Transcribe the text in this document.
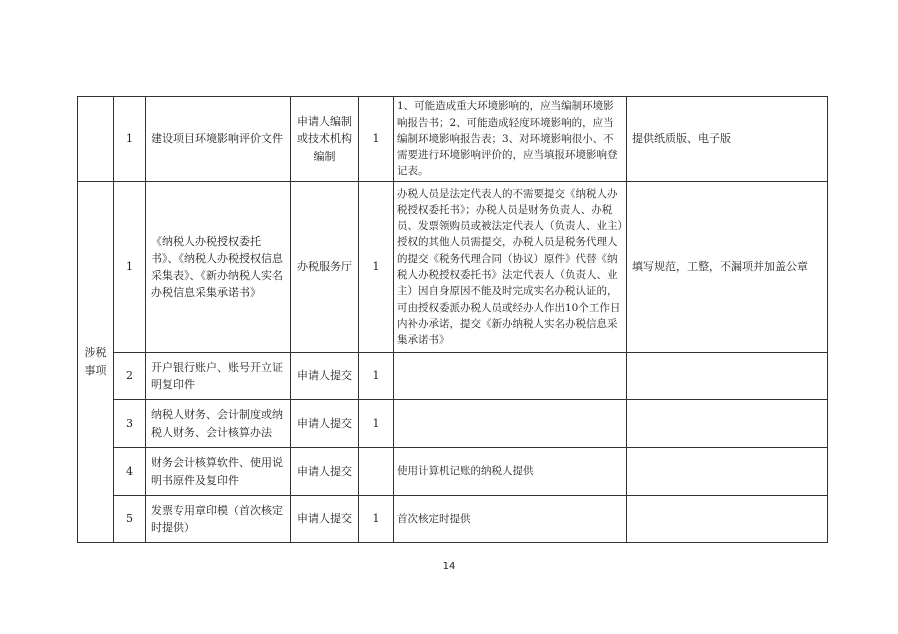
	1	建设项目环境影响评价文件	申请人编制或技术机构编制	1	1、可能造成重大环境影响的，应当编制环境影响报告书；2、可能造成轻度环境影响的，应当编制环境影响报告表；3、对环境影响很小、不需要进行环境影响评价的，应当填报环境影响登记表。	提供纸质版、电子版
涉税事项	1	《纳税人办税授权委托书》、《纳税人办税授权信息采集表》、《新办纳税人实名办税信息采集承诺书》	办税服务厅	1	办税人员是法定代表人的不需要提交《纳税人办税授权委托书》；办税人员是财务负责人、办税员、发票领购员或被法定代表人（负责人、业主）授权的其他人员需提交，办税人员是税务代理人的提交《税务代理合同（协议）原件》代替《纳税人办税授权委托书》法定代表人（负责人、业主）因自身原因不能及时完成实名办税认证的，可由授权委派办税人员或经办人作出10个工作日内补办承诺，提交《新办纳税人实名办税信息采集承诺书》	填写规范，工整，不漏项并加盖公章
	2	开户银行账户、账号开立证明复印件	申请人提交	1		
	3	纳税人财务、会计制度或纳税人财务、会计核算办法	申请人提交	1		
	4	财务会计核算软件、使用说明书原件及复印件	申请人提交		使用计算机记账的纳税人提供	
	5	发票专用章印模（首次核定时提供）	申请人提交	1	首次核定时提供	
14
